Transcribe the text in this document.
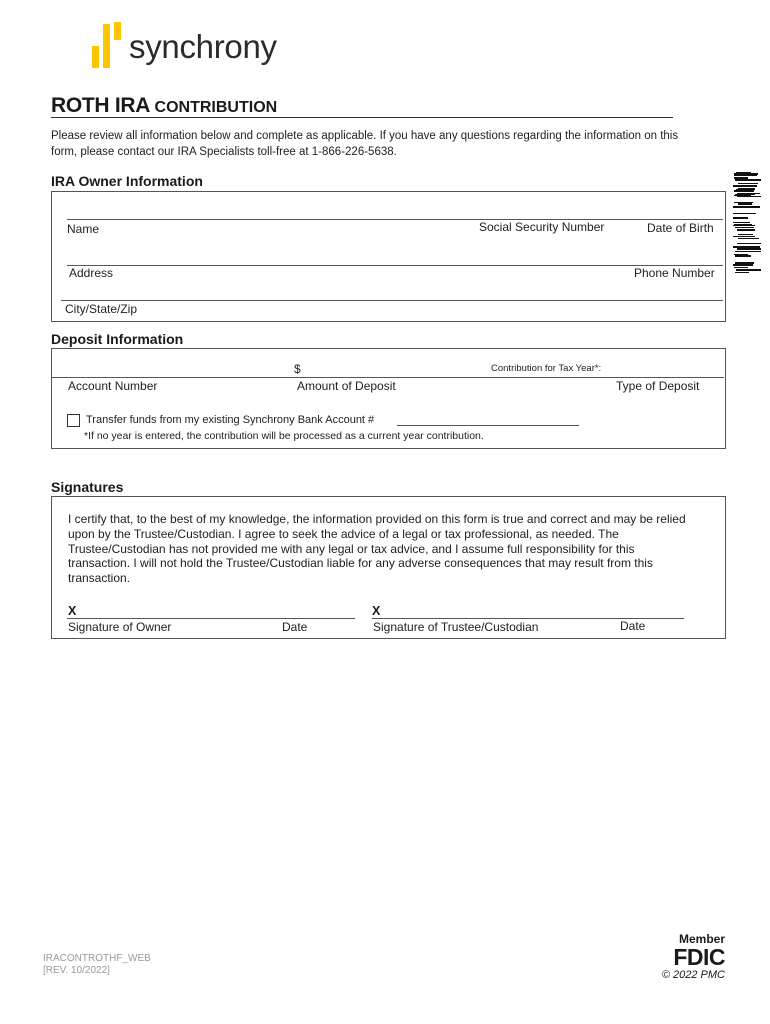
synchrony
ROTH IRA CONTRIBUTION
Please review all information below and complete as applicable. If you have any questions regarding the information on this form, please contact our IRA Specialists toll-free at 1-866-226-5638.
IRA Owner Information
Name	Social Security Number	Date of Birth
Address	Phone Number
City/State/Zip
Deposit Information
$	Contribution for Tax Year*:
Account Number	Amount of Deposit	Type of Deposit
Transfer funds from my existing Synchrony Bank Account #
*If no year is entered, the contribution will be processed as a current year contribution.
Signatures
I certify that, to the best of my knowledge, the information provided on this form is true and correct and may be relied upon by the Trustee/Custodian. I agree to seek the advice of a legal or tax professional, as needed. The Trustee/Custodian has not provided me with any legal or tax advice, and I assume full responsibility for this transaction. I will not hold the Trustee/Custodian liable for any adverse consequences that may result from this transaction.
X
Signature of Owner	Date
X
Signature of Trustee/Custodian	Date
IRACONTROTHF_WEB
[REV. 10/2022]
Member
FDIC
© 2022 PMC
